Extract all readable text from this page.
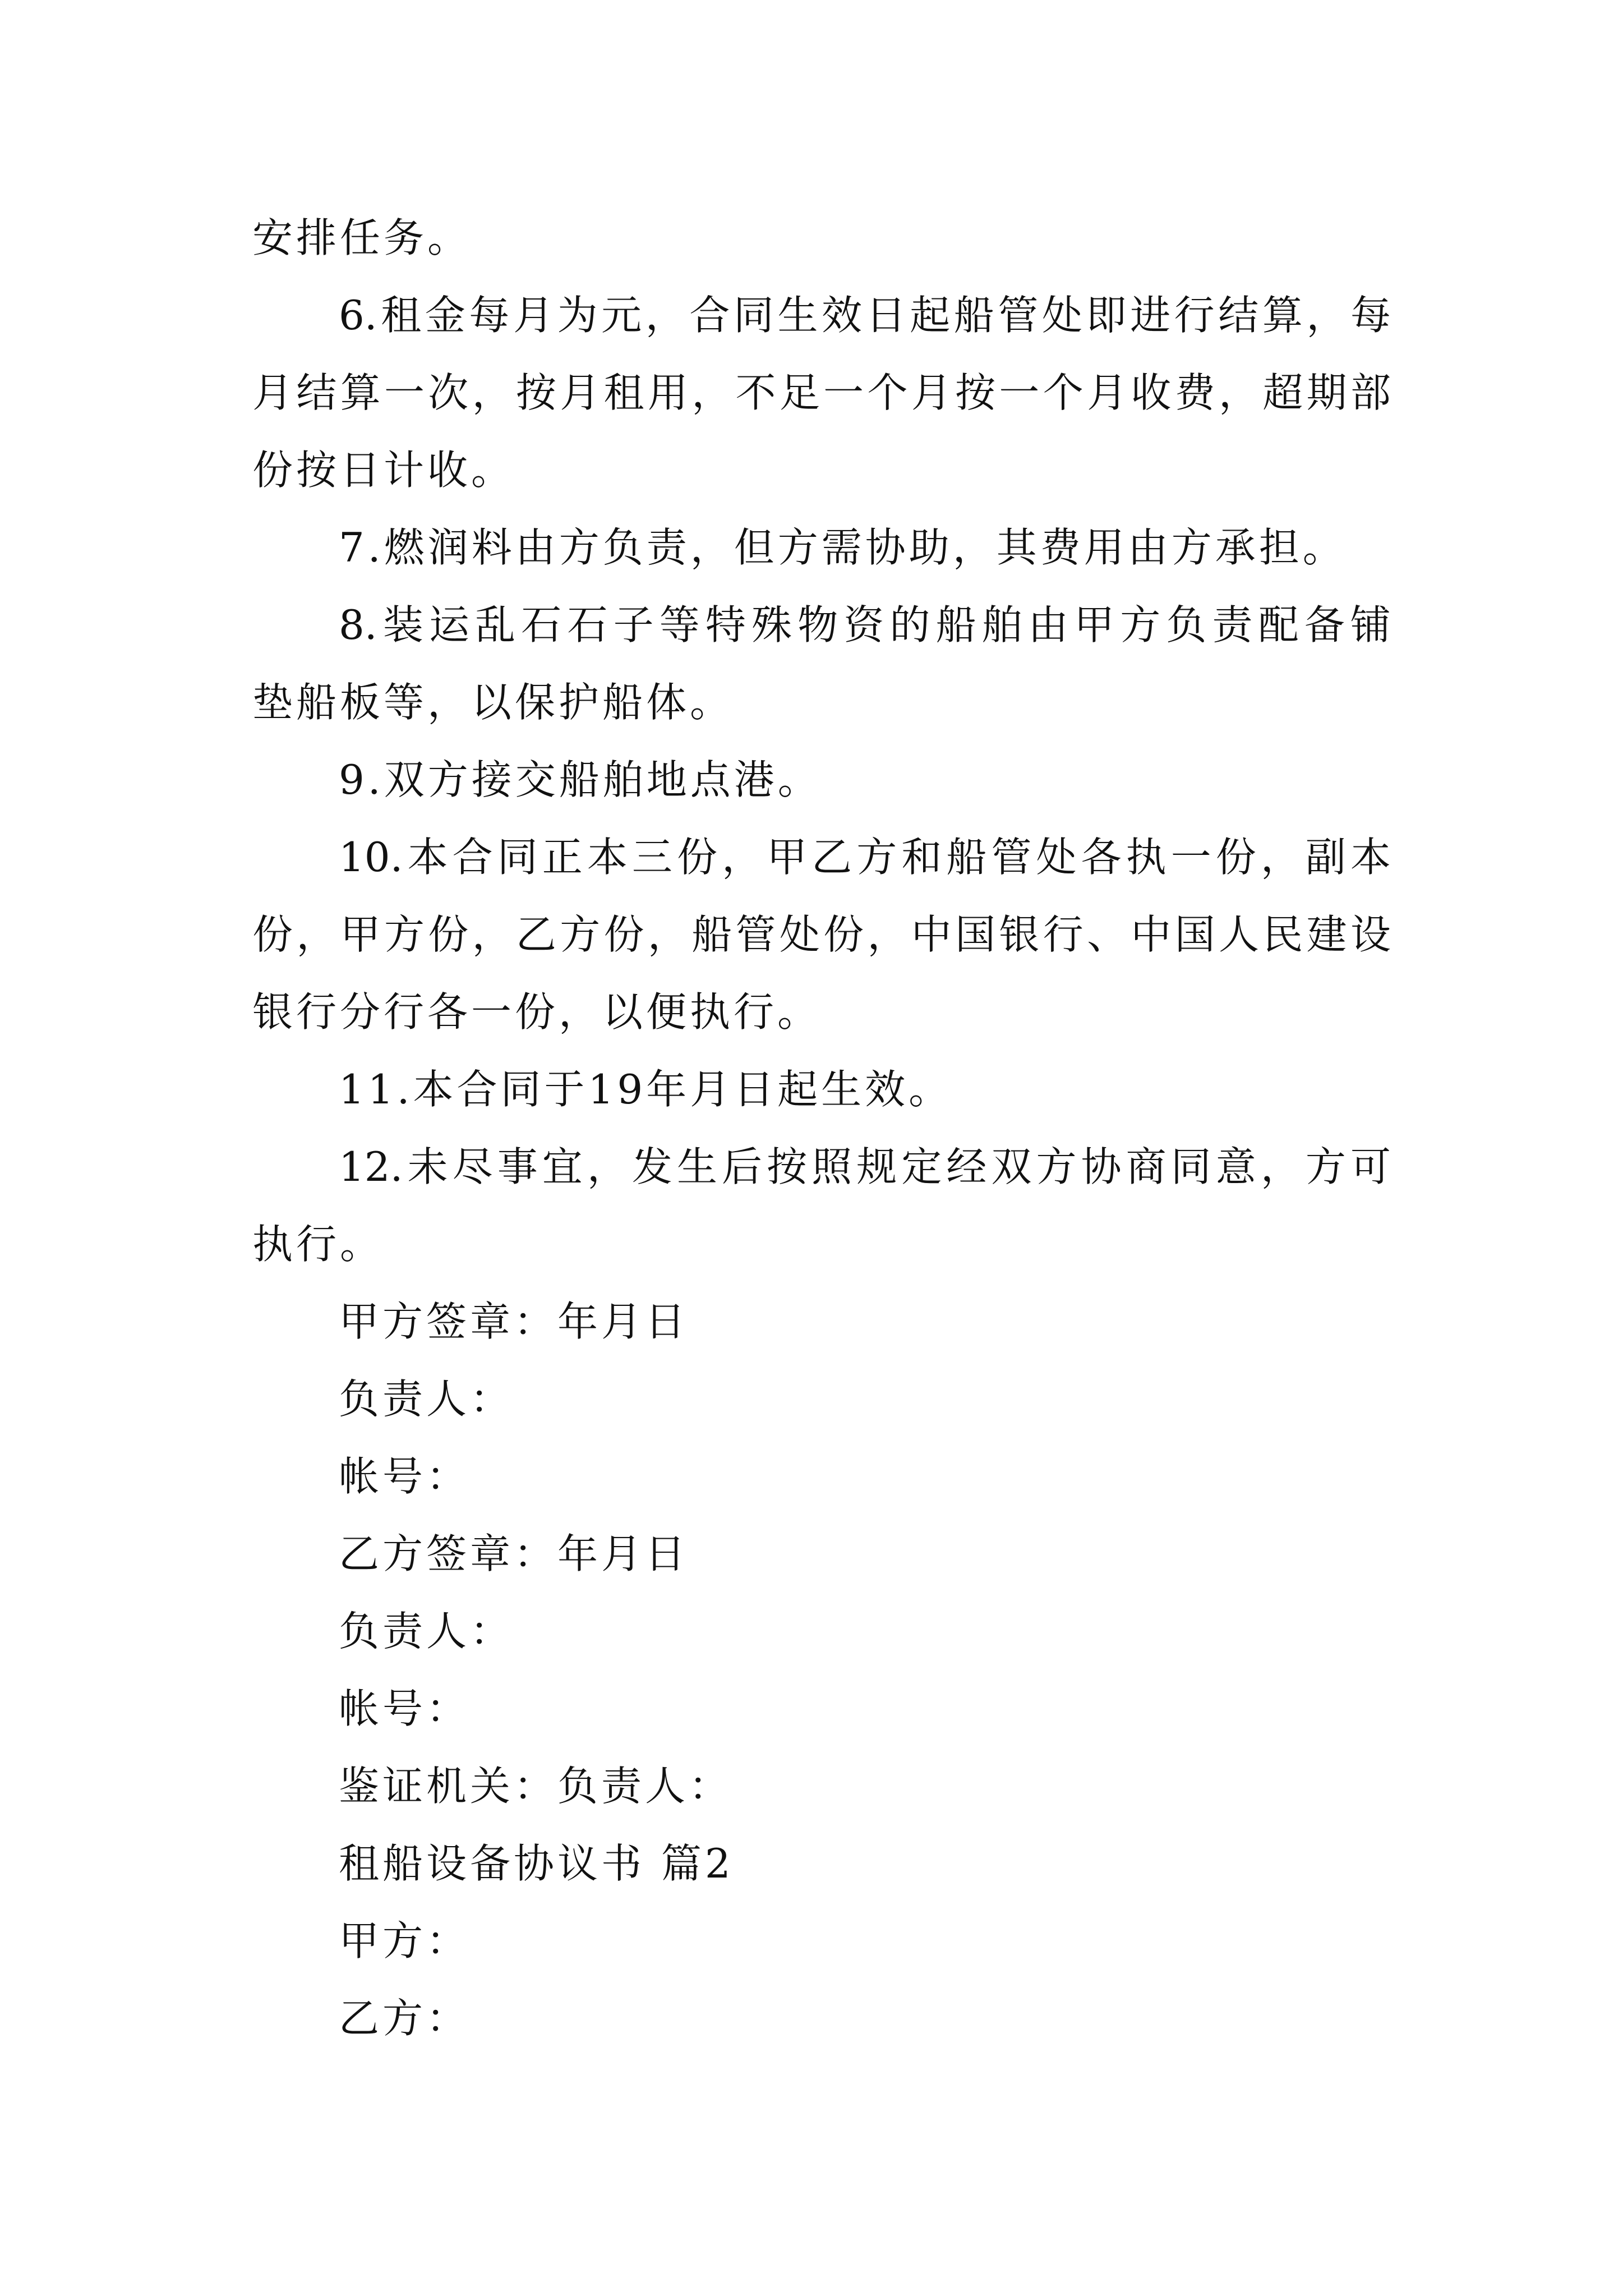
安排任务。
6.租金每月为元，合同生效日起船管处即进行结算，每
月结算一次，按月租用，不足一个月按一个月收费，超期部
份按日计收。
7.燃润料由方负责，但方需协助，其费用由方承担。
8.装运乱石石子等特殊物资的船舶由甲方负责配备铺
垫船板等，以保护船体。
9.双方接交船舶地点港。
10.本合同正本三份，甲乙方和船管处各执一份，副本
份，甲方份，乙方份，船管处份，中国银行、中国人民建设
银行分行各一份，以便执行。
11.本合同于19年月日起生效。
12.未尽事宜，发生后按照规定经双方协商同意，方可
执行。
甲方签章：年月日
负责人：
帐号：
乙方签章：年月日
负责人：
帐号：
鉴证机关：负责人：
租船设备协议书 篇2
甲方：
乙方：
